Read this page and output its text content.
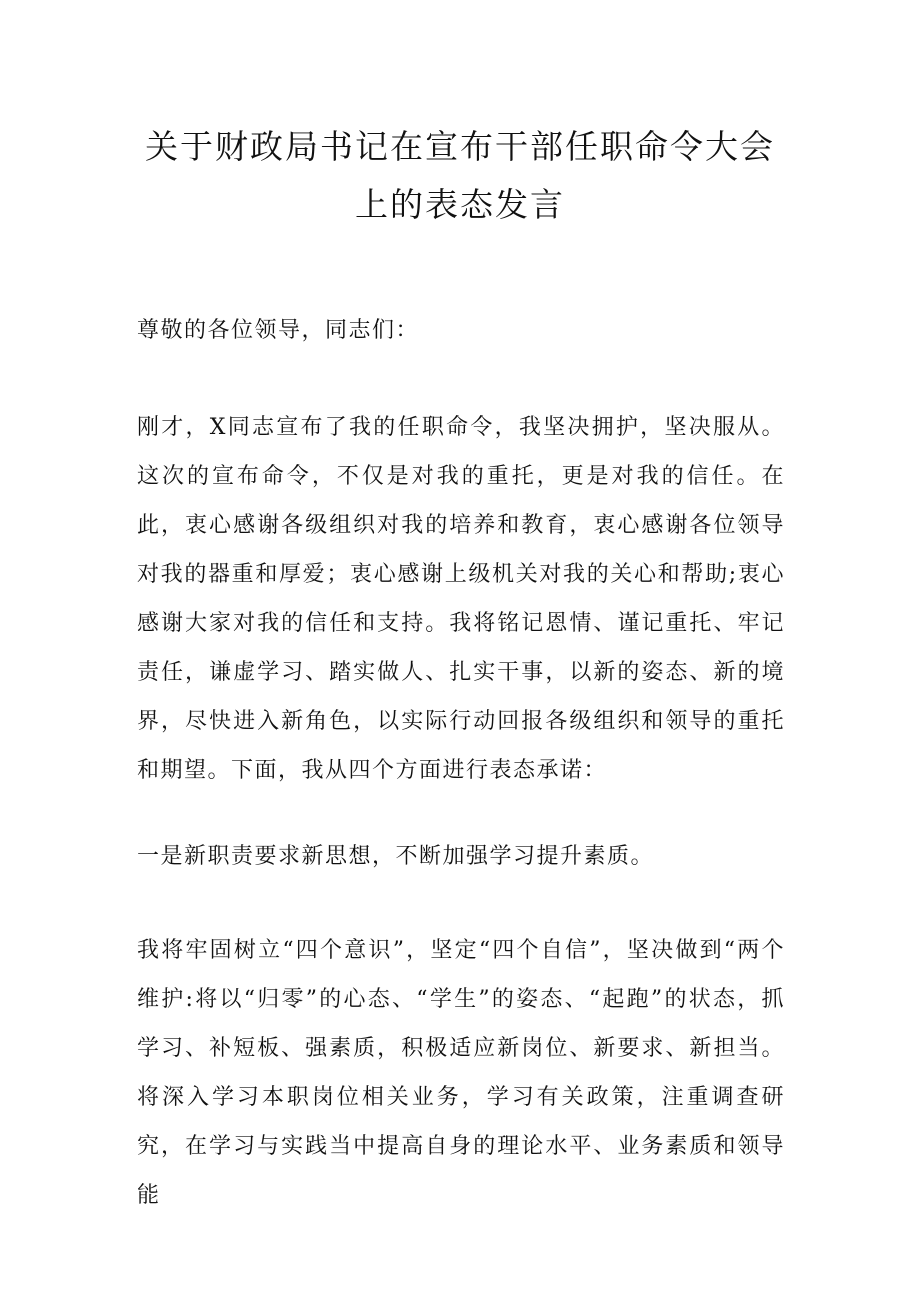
关于财政局书记在宣布干部任职命令大会
上的表态发言

尊敬的各位领导，同志们：

刚才，X同志宣布了我的任职命令，我坚决拥护，坚决服从。这次的宣布命令，不仅是对我的重托，更是对我的信任。在此，衷心感谢各级组织对我的培养和教育，衷心感谢各位领导对我的器重和厚爱；衷心感谢上级机关对我的关心和帮助;衷心感谢大家对我的信任和支持。我将铭记恩情、谨记重托、牢记责任，谦虚学习、踏实做人、扎实干事，以新的姿态、新的境界，尽快进入新角色，以实际行动回报各级组织和领导的重托和期望。下面，我从四个方面进行表态承诺：

一是新职责要求新思想，不断加强学习提升素质。

我将牢固树立“四个意识”，坚定“四个自信”，坚决做到“两个维护:将以“归零”的心态、“学生”的姿态、“起跑”的状态，抓学习、补短板、强素质，积极适应新岗位、新要求、新担当。将深入学习本职岗位相关业务，学习有关政策，注重调查研究，在学习与实践当中提高自身的理论水平、业务素质和领导能
